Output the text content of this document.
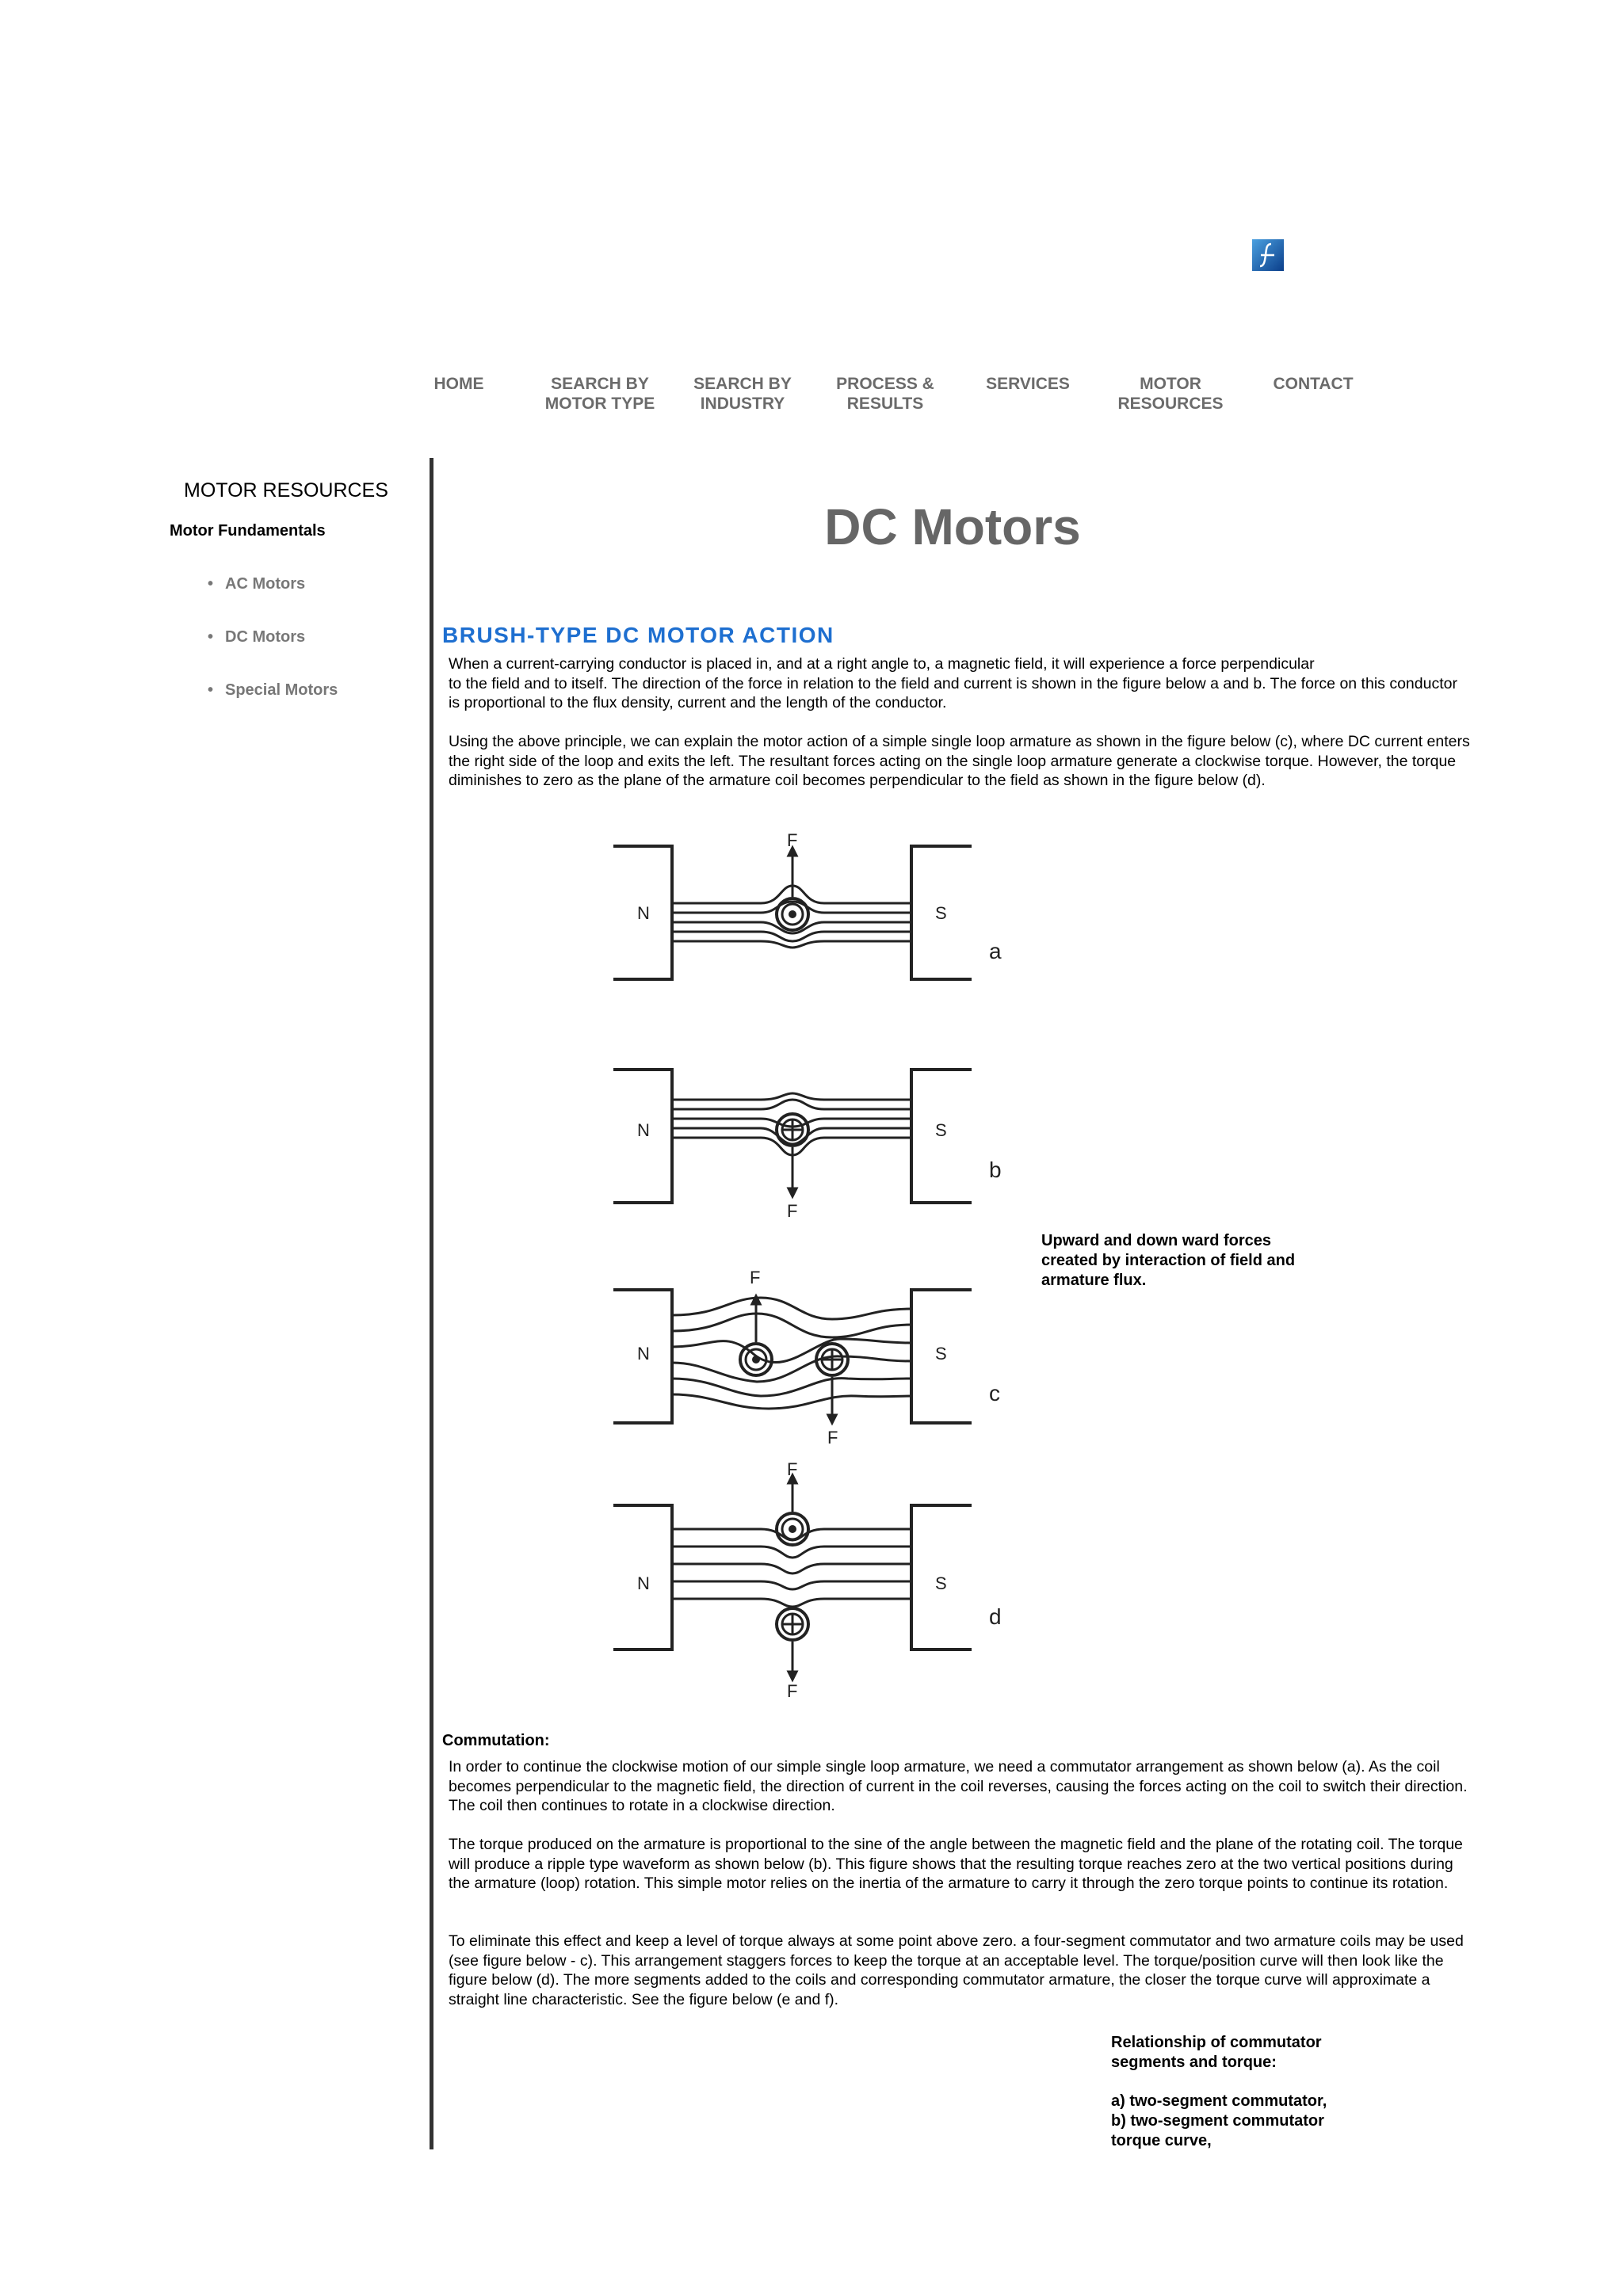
HOME	SEARCH BY
MOTOR TYPE
SEARCH BY
INDUSTRY
PROCESS &
RESULTS
SERVICES	MOTOR
RESOURCES
CONTACT
MOTOR RESOURCES
Motor Fundamentals
• AC Motors
• DC Motors
• Special Motors
DC Motors
BRUSH-TYPE DC MOTOR ACTION
When a current-carrying conductor is placed in, and at a right angle to, a magnetic field, it will experience a force perpendicular
to the field and to itself. The direction of the force in relation to the field and current is shown in the figure below a and b. The force on this conductor is proportional to the flux density, current and the length of the conductor.
Using the above principle, we can explain the motor action of a simple single loop armature as shown in the figure below (c), where DC current enters the right side of the loop and exits the left. The resultant forces acting on the single loop armature generate a clockwise torque. However, the torque diminishes to zero as the plane of the armature coil becomes perpendicular to the field as shown in the figure below (d).
N	S
F
a
N	S
F
b
N	S
F
F
c
N	S
F
F
d
Upward and down ward forces created by interaction of field and armature flux.
Commutation:
In order to continue the clockwise motion of our simple single loop armature, we need a commutator arrangement as shown below (a). As the coil becomes perpendicular to the magnetic field, the direction of current in the coil reverses, causing the forces acting on the coil to switch their direction. The coil then continues to rotate in a clockwise direction.
The torque produced on the armature is proportional to the sine of the angle between the magnetic field and the plane of the rotating coil. The torque will produce a ripple type waveform as shown below (b). This figure shows that the resulting torque reaches zero at the two vertical positions during the armature (loop) rotation. This simple motor relies on the inertia of the armature to carry it through the zero torque points to continue its rotation.
To eliminate this effect and keep a level of torque always at some point above zero. a four-segment commutator and two armature coils may be used (see figure below - c). This arrangement staggers forces to keep the torque at an acceptable level. The torque/position curve will then look like the figure below (d). The more segments added to the coils and corresponding commutator armature, the closer the torque curve will approximate a straight line characteristic. See the figure below (e and f).
Relationship of commutator segments and torque:
a) two-segment commutator,
b) two-segment commutator torque curve,
